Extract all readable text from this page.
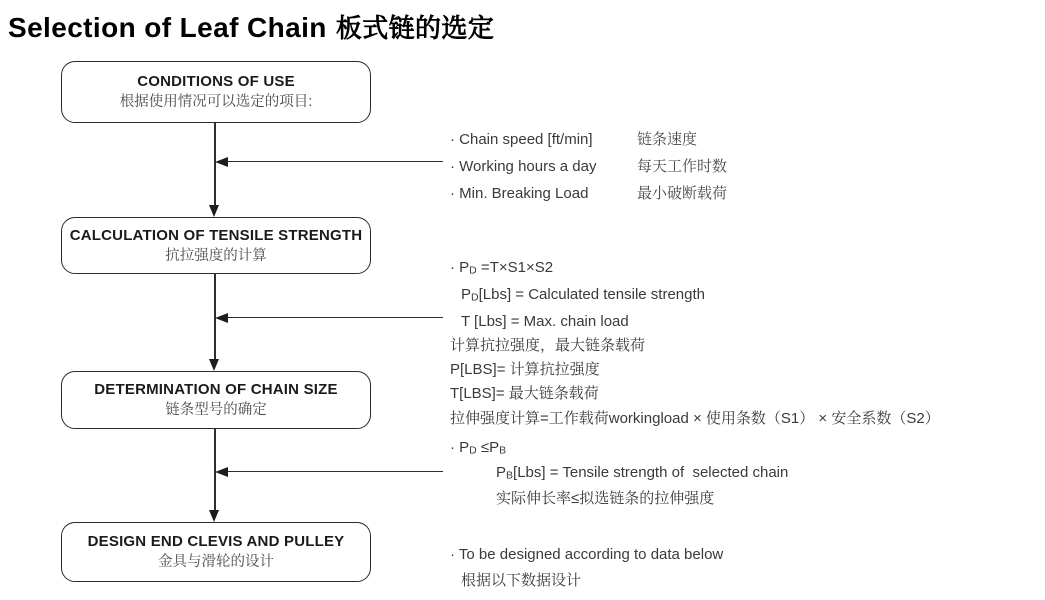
Selection of Leaf Chain 板式链的选定
CONDITIONS OF USE
根据使用情况可以选定的项目:
CALCULATION OF TENSILE STRENGTH
抗拉强度的计算
DETERMINATION OF CHAIN SIZE
链条型号的确定
DESIGN END CLEVIS AND PULLEY
金具与滑轮的设计
· Chain speed [ft/min]	链条速度
· Working hours a day	每天工作时数
· Min. Breaking Load	最小破断载荷
· PD =T×S1×S2
PD[Lbs] = Calculated tensile strength
T [Lbs] = Max. chain load
计算抗拉强度，最大链条载荷
P[LBS]= 计算抗拉强度
T[LBS]= 最大链条载荷
拉伸强度计算=工作载荷workingload × 使用条数（S1） × 安全系数（S2）
· PD ≤PB
PB[Lbs] = Tensile strength of  selected chain
实际伸长率≤拟选链条的拉伸强度
· To be designed according to data below
根据以下数据设计
